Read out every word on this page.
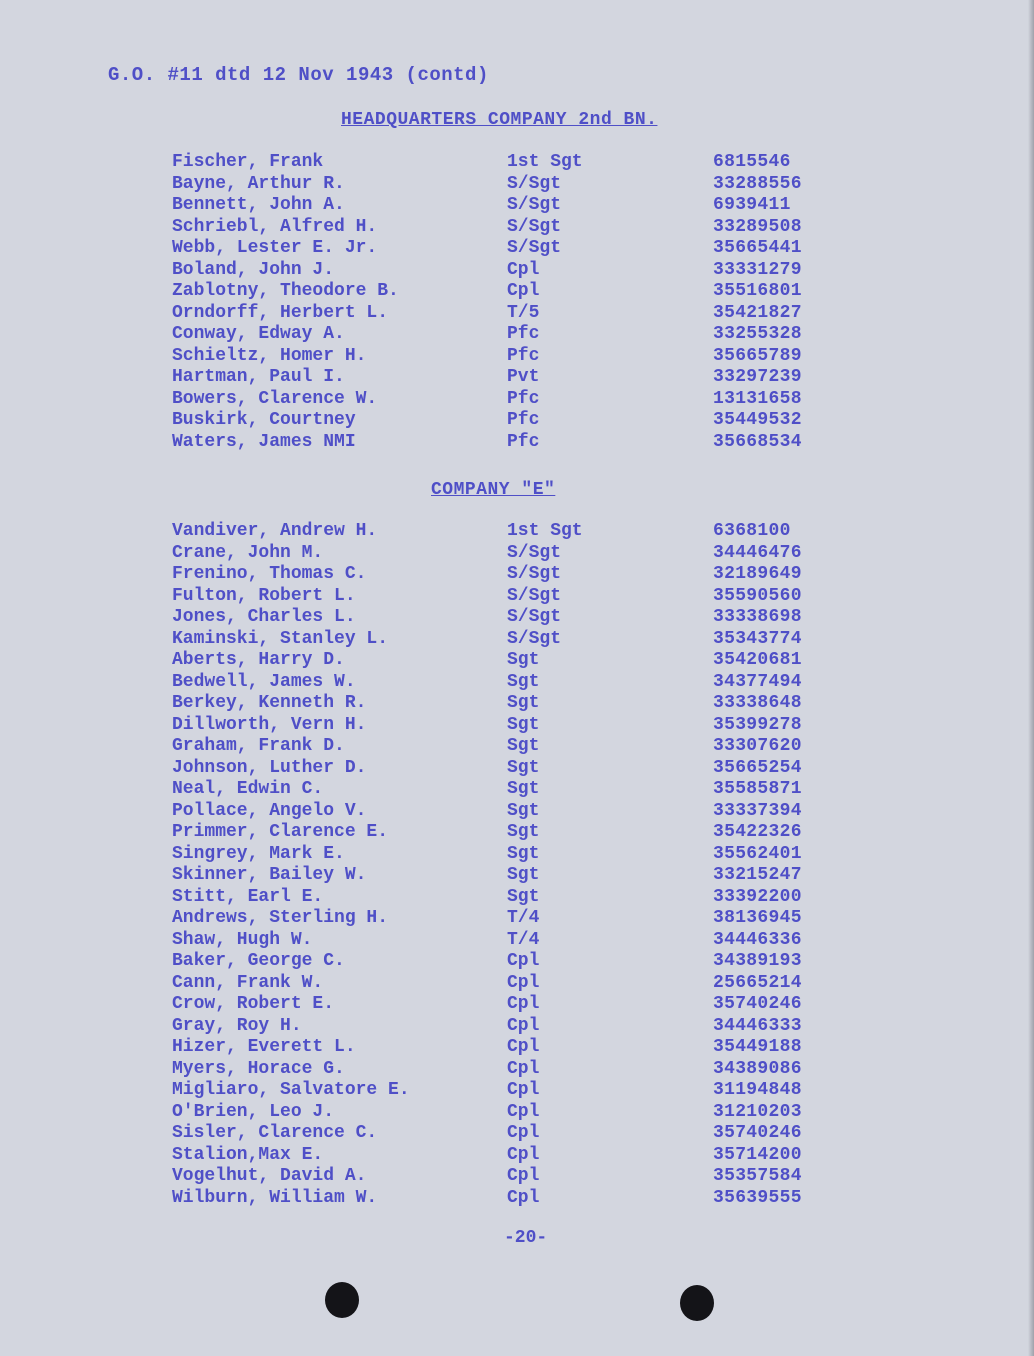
G.O. #11 dtd 12 Nov 1943 (contd)
HEADQUARTERS COMPANY 2nd BN.
Fischer, Frank	1st Sgt	6815546
Bayne, Arthur R.	S/Sgt	33288556
Bennett, John A.	S/Sgt	6939411
Schriebl, Alfred H.	S/Sgt	33289508
Webb, Lester E. Jr.	S/Sgt	35665441
Boland, John J.	Cpl	33331279
Zablotny, Theodore B.	Cpl	35516801
Orndorff, Herbert L.	T/5	35421827
Conway, Edway A.	Pfc	33255328
Schieltz, Homer H.	Pfc	35665789
Hartman, Paul I.	Pvt	33297239
Bowers, Clarence W.	Pfc	13131658
Buskirk, Courtney	Pfc	35449532
Waters, James NMI	Pfc	35668534
COMPANY "E"
Vandiver, Andrew H.	1st Sgt	6368100
Crane, John M.	S/Sgt	34446476
Frenino, Thomas C.	S/Sgt	32189649
Fulton, Robert L.	S/Sgt	35590560
Jones, Charles L.	S/Sgt	33338698
Kaminski, Stanley L.	S/Sgt	35343774
Aberts, Harry D.	Sgt	35420681
Bedwell, James W.	Sgt	34377494
Berkey, Kenneth R.	Sgt	33338648
Dillworth, Vern H.	Sgt	35399278
Graham, Frank D.	Sgt	33307620
Johnson, Luther D.	Sgt	35665254
Neal, Edwin C.	Sgt	35585871
Pollace, Angelo V.	Sgt	33337394
Primmer, Clarence E.	Sgt	35422326
Singrey, Mark E.	Sgt	35562401
Skinner, Bailey W.	Sgt	33215247
Stitt, Earl E.	Sgt	33392200
Andrews, Sterling H.	T/4	38136945
Shaw, Hugh W.	T/4	34446336
Baker, George C.	Cpl	34389193
Cann, Frank W.	Cpl	25665214
Crow, Robert E.	Cpl	35740246
Gray, Roy H.	Cpl	34446333
Hizer, Everett L.	Cpl	35449188
Myers, Horace G.	Cpl	34389086
Migliaro, Salvatore E.	Cpl	31194848
O'Brien, Leo J.	Cpl	31210203
Sisler, Clarence C.	Cpl	35740246
Stalion,Max E.	Cpl	35714200
Vogelhut, David A.	Cpl	35357584
Wilburn, William W.	Cpl	35639555
-20-
